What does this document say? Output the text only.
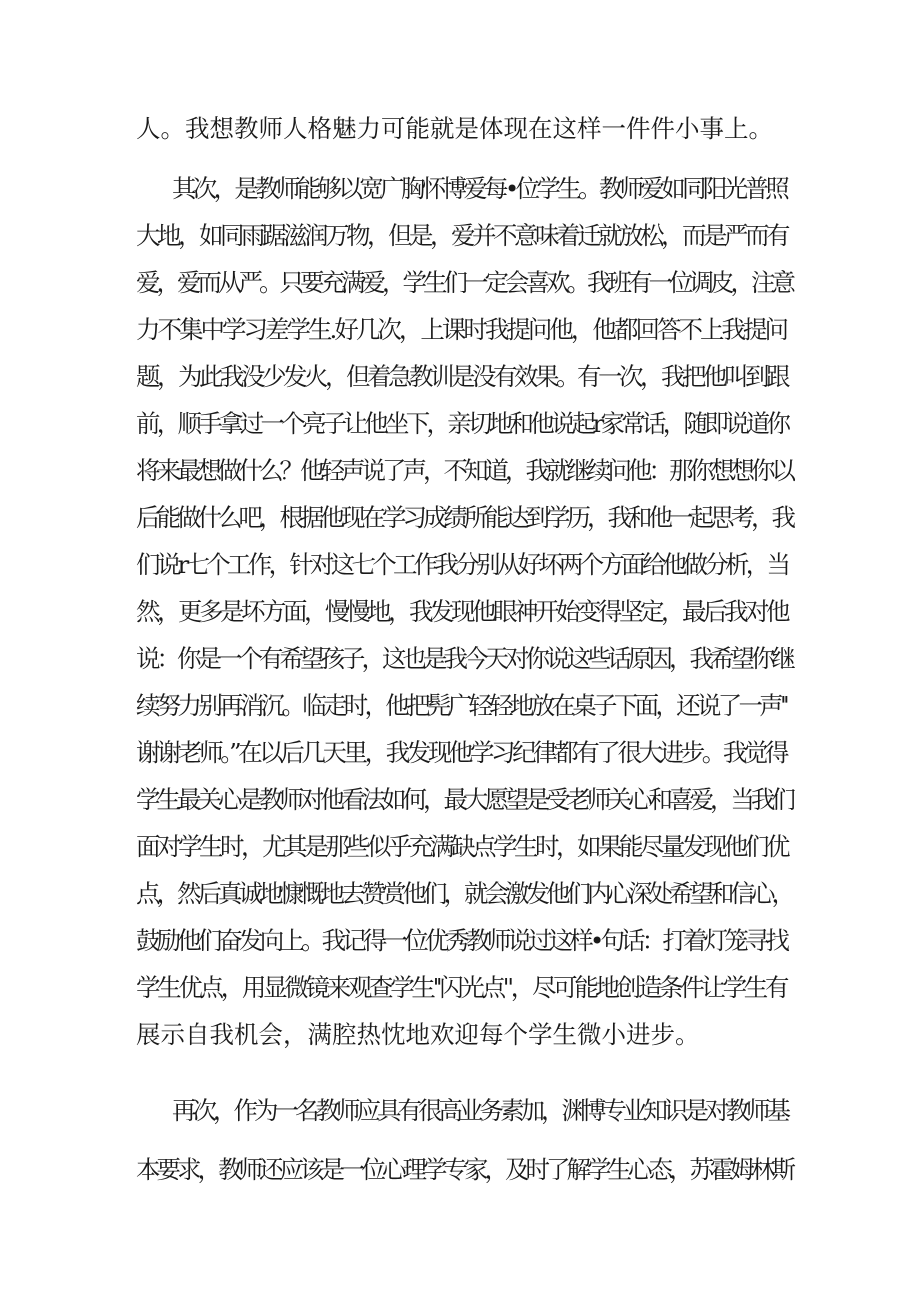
人。我想教师人格魅力可能就是体现在这样一件件小事上。
其次，是教师能够以宽广胸怀博爱每•位学生。教师爱如同阳光普照
大地，如同雨踞滋润万物，但是，爱并不意味着迁就放松，而是严而有
爱，爱而从严。只要充满爱，学生们一定会喜欢。我班有一位调皮，注意
力不集中学习差学生.好几次，上课时我提问他，他都回答不上我提问
题，为此我没少发火，但着急教训是没有效果。有一次，我把他叫到跟
前，顺手拿过一个亮子让他坐下，亲切地和他说起r家常话，随即说道你
将来最想做什么？他轻声说了声，不知道，我就继续问他：那你想想你以
后能做什么吧，根据他现在学习成绩所能达到学历，我和他一起思考，我
们说r七个工作，针对这七个工作我分别从好坏两个方面给他做分析，当
然，更多是坏方面，慢慢地，我发现他眼神开始变得坚定，最后我对他
说：你是一个有希望孩子，这也是我今天对你说这些话原因，我希望你继
续努力别再消沉。临走时，他把髡广轻轻地放在桌子下面，还说了一声''
谢谢老师。”在以后几天里，我发现他学习纪律都有了很大进步。我觉得
学生最关心是教师对他看法如何，最大愿望是受老师关心和喜爱，当我们
面对学生时，尤其是那些似乎充满缺点学生时，如果能尽量发现他们优
点，然后真诚地慷慨地去赞赏他们，就会激发他们内心深处希望和信心，
鼓励他们奋发向上。我记得一位优秀教师说过这样•句话：打着灯笼寻找
学生优点，用显微镜来观查学生''闪光点"，尽可能地创造条件让学生有
展示自我机会，满腔热忱地欢迎每个学生微小进步。
再次，作为一名教师应具有很高业务素加，渊博专业知识是对教师基
本要求，教师还应该是一位心理学专家，及时了解学生心态，苏霍姆林斯
